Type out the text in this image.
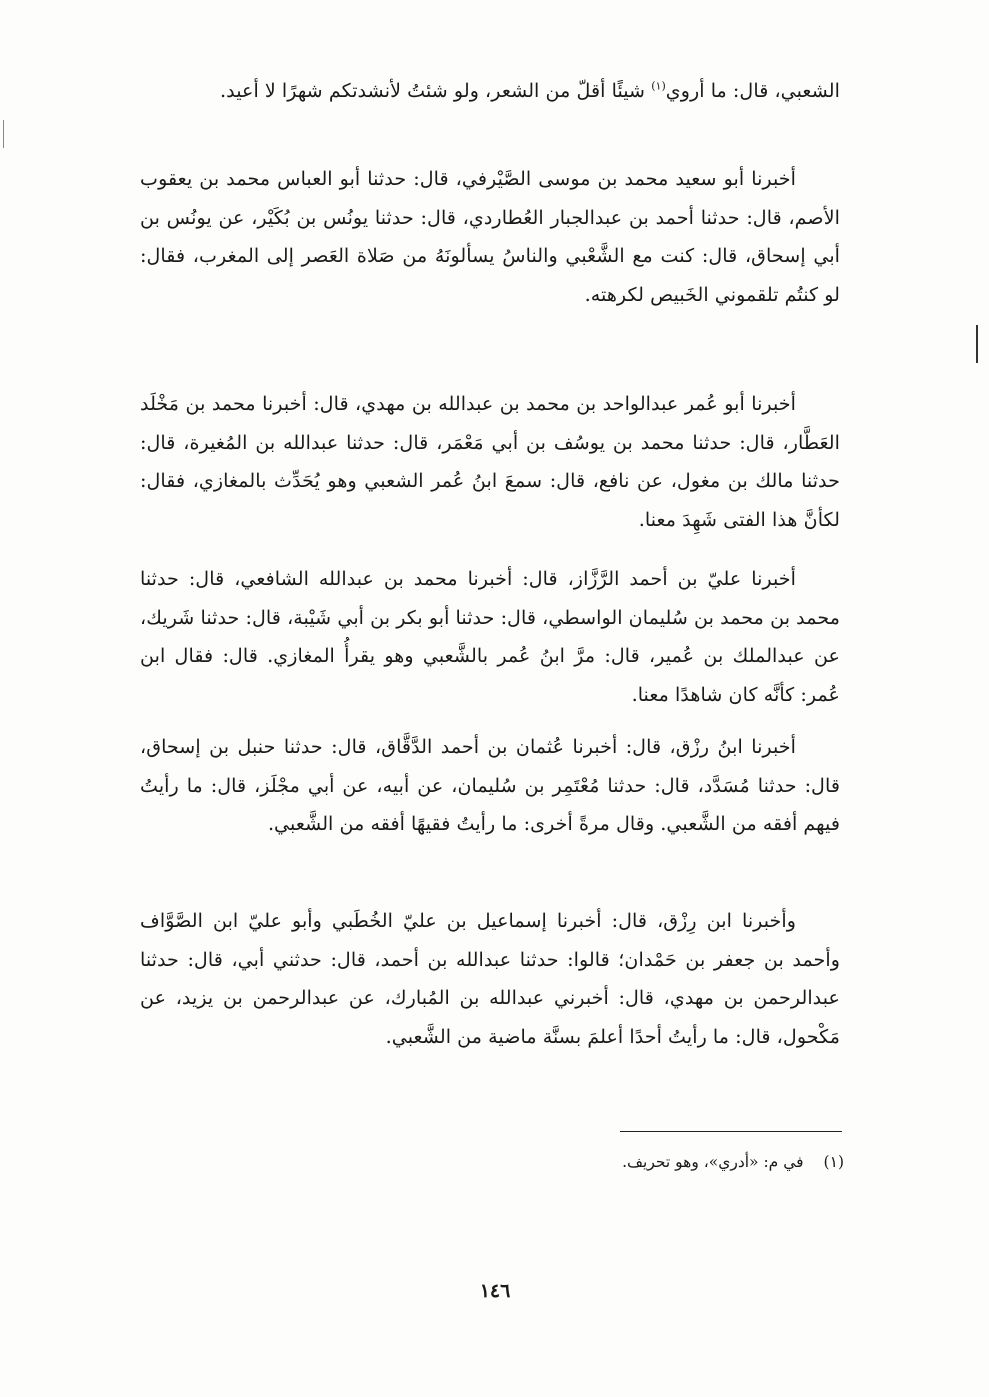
الشعبي، قال: ما أروي$^{(١)}$ شيئًا أقلّ من الشعر، ولو شئتُ لأنشدتكم شهرًا لا أعيد.

أخبرنا أبو سعيد محمد بن موسى الصَّيْرفي، قال: حدثنا أبو العباس محمد بن يعقوب الأصم، قال: حدثنا أحمد بن عبدالجبار العُطاردي، قال: حدثنا يونُس بن بُكَيْر، عن يونُس بن أبي إسحاق، قال: كنت مع الشَّعْبي والناسُ يسألونَهُ من صَلاة العَصر إلى المغرب، فقال: لو كنتُم تلقموني الخَبيص لكرهته.

أخبرنا أبو عُمر عبدالواحد بن محمد بن عبدالله بن مهدي، قال: أخبرنا محمد بن مَخْلَد العَطَّار، قال: حدثنا محمد بن يوسُف بن أبي مَعْمَر، قال: حدثنا عبدالله بن المُغيرة، قال: حدثنا مالك بن مغول، عن نافع، قال: سمعَ ابنُ عُمر الشعبي وهو يُحَدِّث بالمغازي، فقال: لكأنَّ هذا الفتى شَهِدَ معنا.

أخبرنا عليّ بن أحمد الرَّزَّاز، قال: أخبرنا محمد بن عبدالله الشافعي، قال: حدثنا محمد بن محمد بن سُليمان الواسطي، قال: حدثنا أبو بكر بن أبي شَيْبة، قال: حدثنا شَريك، عن عبدالملك بن عُمير، قال: مرَّ ابنُ عُمر بالشَّعبي وهو يقرأُ المغازي. قال: فقال ابن عُمر: كأنَّه كان شاهدًا معنا.

أخبرنا ابنُ رزْق، قال: أخبرنا عُثمان بن أحمد الدَّقَّاق، قال: حدثنا حنبل بن إسحاق، قال: حدثنا مُسَدَّد، قال: حدثنا مُعْتَمِر بن سُليمان، عن أبيه، عن أبي مجْلَز، قال: ما رأيتُ فيهم أفقه من الشَّعبي. وقال مرةً أخرى: ما رأيتُ فقيهًا أفقه من الشَّعبي.

وأخبرنا ابن رِزْق، قال: أخبرنا إسماعيل بن عليّ الخُطَبي وأبو عليّ ابن الصَّوَّاف وأحمد بن جعفر بن حَمْدان؛ قالوا: حدثنا عبدالله بن أحمد، قال: حدثني أبي، قال: حدثنا عبدالرحمن بن مهدي، قال: أخبرني عبدالله بن المُبارك، عن عبدالرحمن بن يزيد، عن مَكْحول، قال: ما رأيتُ أحدًا أعلمَ بسنَّة ماضية من الشَّعبي.

(١)في م: «أدري»، وهو تحريف.
١٤٦
